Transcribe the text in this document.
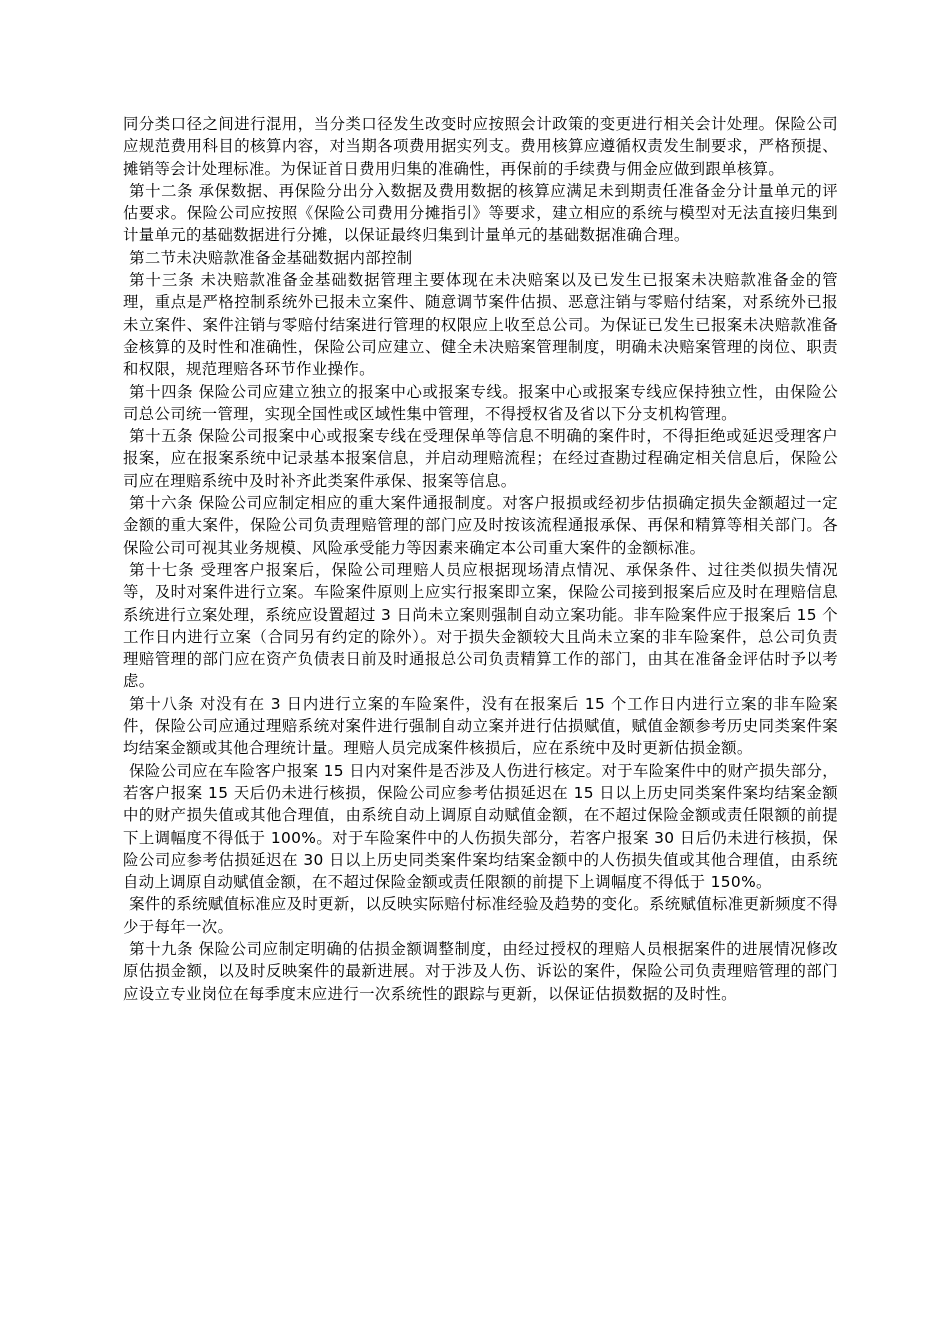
同分类口径之间进行混用，当分类口径发生改变时应按照会计政策的变更进行相关会计处理。保险公司应规范费用科目的核算内容，对当期各项费用据实列支。费用核算应遵循权责发生制要求，严格预提、摊销等会计处理标准。为保证首日费用归集的准确性，再保前的手续费与佣金应做到跟单核算。

第十二条 承保数据、再保险分出分入数据及费用数据的核算应满足未到期责任准备金分计量单元的评估要求。保险公司应按照《保险公司费用分摊指引》等要求，建立相应的系统与模型对无法直接归集到计量单元的基础数据进行分摊，以保证最终归集到计量单元的基础数据准确合理。

第二节未决赔款准备金基础数据内部控制

第十三条 未决赔款准备金基础数据管理主要体现在未决赔案以及已发生已报案未决赔款准备金的管理，重点是严格控制系统外已报未立案件、随意调节案件估损、恶意注销与零赔付结案，对系统外已报未立案件、案件注销与零赔付结案进行管理的权限应上收至总公司。为保证已发生已报案未决赔款准备金核算的及时性和准确性，保险公司应建立、健全未决赔案管理制度，明确未决赔案管理的岗位、职责和权限，规范理赔各环节作业操作。

第十四条 保险公司应建立独立的报案中心或报案专线。报案中心或报案专线应保持独立性，由保险公司总公司统一管理，实现全国性或区域性集中管理，不得授权省及省以下分支机构管理。

第十五条 保险公司报案中心或报案专线在受理保单等信息不明确的案件时，不得拒绝或延迟受理客户报案，应在报案系统中记录基本报案信息，并启动理赔流程；在经过查勘过程确定相关信息后，保险公司应在理赔系统中及时补齐此类案件承保、报案等信息。

第十六条 保险公司应制定相应的重大案件通报制度。对客户报损或经初步估损确定损失金额超过一定金额的重大案件，保险公司负责理赔管理的部门应及时按该流程通报承保、再保和精算等相关部门。各保险公司可视其业务规模、风险承受能力等因素来确定本公司重大案件的金额标准。

第十七条 受理客户报案后，保险公司理赔人员应根据现场清点情况、承保条件、过往类似损失情况等，及时对案件进行立案。车险案件原则上应实行报案即立案，保险公司接到报案后应及时在理赔信息系统进行立案处理，系统应设置超过 3 日尚未立案则强制自动立案功能。非车险案件应于报案后 15 个工作日内进行立案（合同另有约定的除外）。对于损失金额较大且尚未立案的非车险案件，总公司负责理赔管理的部门应在资产负债表日前及时通报总公司负责精算工作的部门，由其在准备金评估时予以考虑。

第十八条 对没有在 3 日内进行立案的车险案件，没有在报案后 15 个工作日内进行立案的非车险案件，保险公司应通过理赔系统对案件进行强制自动立案并进行估损赋值，赋值金额参考历史同类案件案均结案金额或其他合理统计量。理赔人员完成案件核损后，应在系统中及时更新估损金额。

保险公司应在车险客户报案 15 日内对案件是否涉及人伤进行核定。对于车险案件中的财产损失部分，若客户报案 15 天后仍未进行核损，保险公司应参考估损延迟在 15 日以上历史同类案件案均结案金额中的财产损失值或其他合理值，由系统自动上调原自动赋值金额，在不超过保险金额或责任限额的前提下上调幅度不得低于 100%。对于车险案件中的人伤损失部分，若客户报案 30 日后仍未进行核损，保险公司应参考估损延迟在 30 日以上历史同类案件案均结案金额中的人伤损失值或其他合理值，由系统自动上调原自动赋值金额，在不超过保险金额或责任限额的前提下上调幅度不得低于 150%。

案件的系统赋值标准应及时更新，以反映实际赔付标准经验及趋势的变化。系统赋值标准更新频度不得少于每年一次。

第十九条 保险公司应制定明确的估损金额调整制度，由经过授权的理赔人员根据案件的进展情况修改原估损金额，以及时反映案件的最新进展。对于涉及人伤、诉讼的案件，保险公司负责理赔管理的部门应设立专业岗位在每季度末应进行一次系统性的跟踪与更新，以保证估损数据的及时性。
